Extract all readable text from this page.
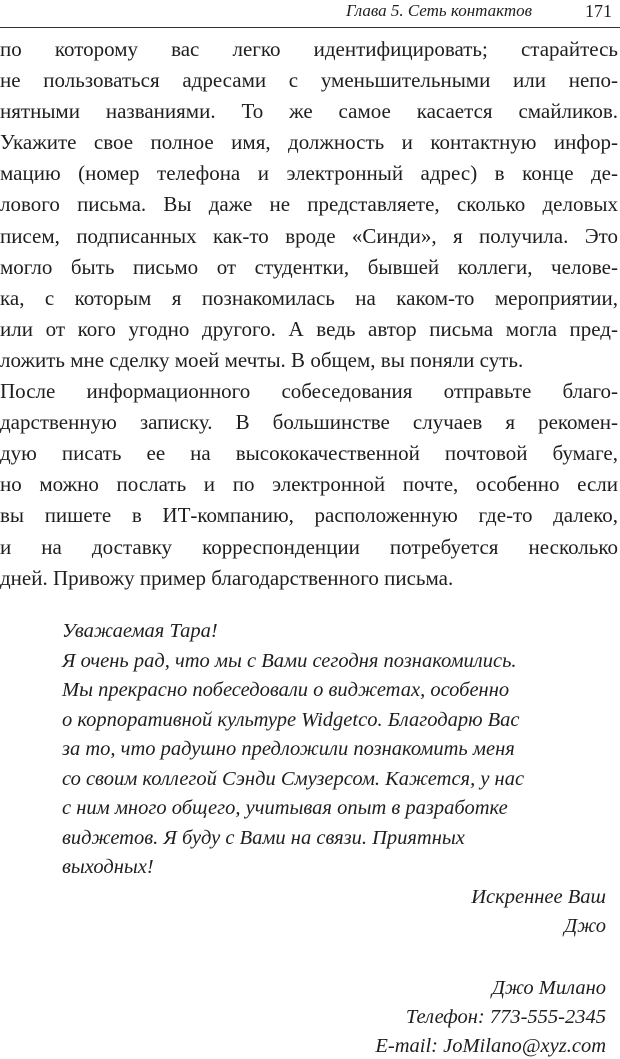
Глава 5. Сеть контактов	171
по которому вас легко идентифицировать; старайтесь
не пользоваться адресами с уменьшительными или непо-
нятными названиями. То же самое касается смайликов.
Укажите свое полное имя, должность и контактную инфор-
мацию (номер телефона и электронный адрес) в конце де-
лового письма. Вы даже не представляете, сколько деловых
писем, подписанных как-то вроде «Синди», я получила. Это
могло быть письмо от студентки, бывшей коллеги, челове-
ка, с которым я познакомилась на каком-то мероприятии,
или от кого угодно другого. А ведь автор письма могла пред-
ложить мне сделку моей мечты. В общем, вы поняли суть.
После информационного собеседования отправьте благо-
дарственную записку. В большинстве случаев я рекомен-
дую писать ее на высококачественной почтовой бумаге,
но можно послать и по электронной почте, особенно если
вы пишете в ИТ-компанию, расположенную где-то далеко,
и на доставку корреспонденции потребуется несколько
дней. Привожу пример благодарственного письма.
Уважаемая Тара!
Я очень рад, что мы с Вами сегодня познакомились.
Мы прекрасно побеседовали о виджетах, особенно
о корпоративной культуре Widgetco. Благодарю Вас
за то, что радушно предложили познакомить меня
со своим коллегой Сэнди Смузерсом. Кажется, у нас
с ним много общего, учитывая опыт в разработке
виджетов. Я буду с Вами на связи. Приятных
выходных!
Искреннее Ваш
Джо
Джо Милано
Телефон: 773-555-2345
E-mail: JoMilano@xyz.com
